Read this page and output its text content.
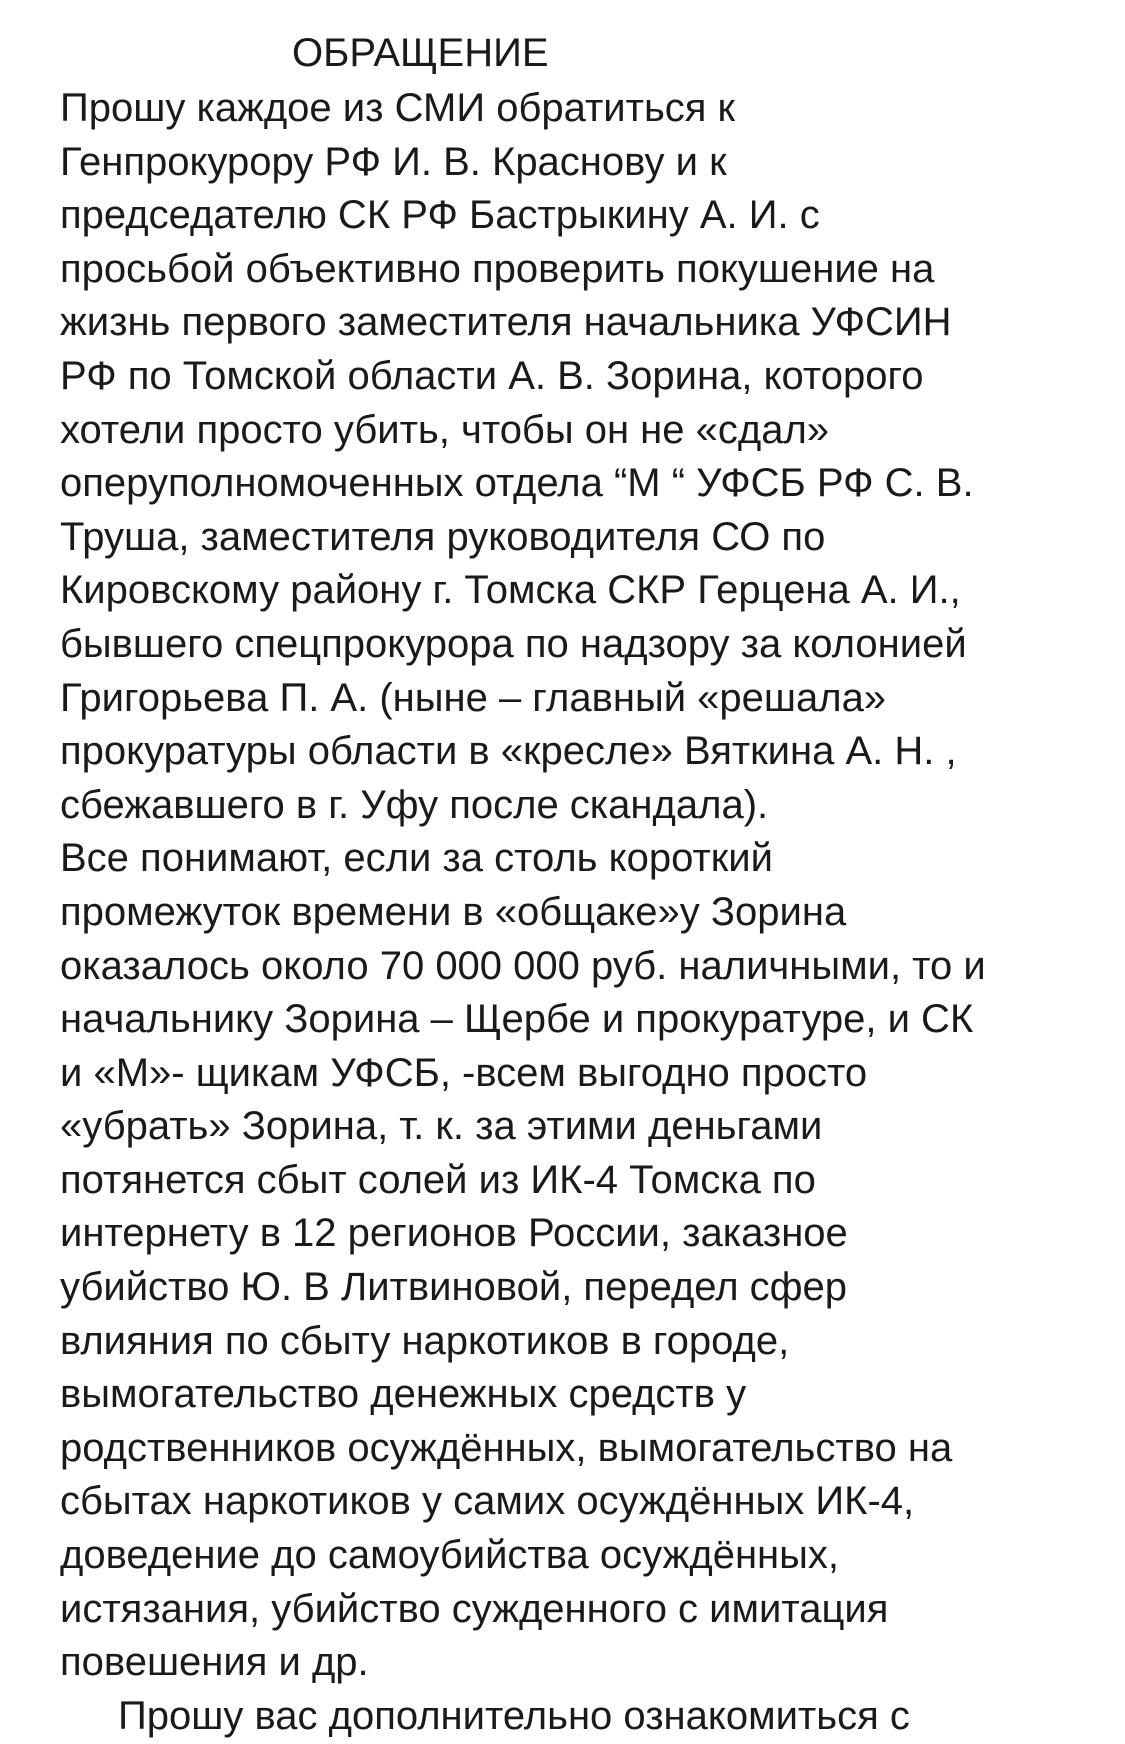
ОБРАЩЕНИЕ
Прошу каждое из СМИ обратиться к
Генпрокурору РФ И. В. Краснову и к
председателю СК РФ Бастрыкину А. И. с
просьбой объективно проверить покушение на
жизнь первого заместителя начальника УФСИН
РФ по Томской области А. В. Зорина, которого
хотели просто убить, чтобы он не «сдал»
оперуполномоченных отдела “М “ УФСБ РФ С. В.
Труша, заместителя руководителя СО по
Кировскому району г. Томска СКР Герцена А. И.,
бывшего спецпрокурора по надзору за колонией
Григорьева П. А. (ныне – главный «решала»
прокуратуры области в «кресле» Вяткина А. Н. ,
сбежавшего в г. Уфу после скандала).
Все понимают, если за столь короткий
промежуток времени в «общаке»у Зорина
оказалось около 70 000 000 руб. наличными, то и
начальнику Зорина – Щербе и прокуратуре, и СК
и «М»- щикам УФСБ, -всем выгодно просто
«убрать» Зорина, т. к. за этими деньгами
потянется сбыт солей из ИК-4 Томска по
интернету в 12 регионов России, заказное
убийство Ю. В Литвиновой, передел сфер
влияния по сбыту наркотиков в городе,
вымогательство денежных средств у
родственников осуждённых, вымогательство на
сбытах наркотиков у самих осуждённых ИК-4,
доведение до самоубийства осуждённых,
истязания, убийство сужденного с имитация
повешения и др.
Прошу вас дополнительно ознакомиться с
